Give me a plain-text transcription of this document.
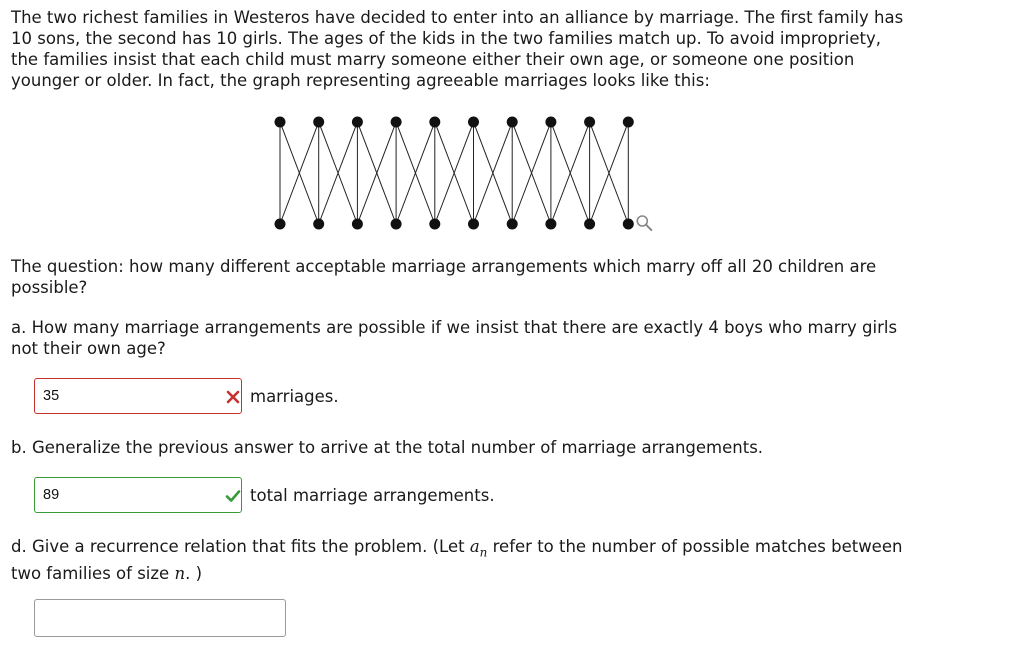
The two richest families in Westeros have decided to enter into an alliance by marriage. The first family has 10 sons, the second has 10 girls. The ages of the kids in the two families match up. To avoid impropriety, the families insist that each child must marry someone either their own age, or someone one position younger or older. In fact, the graph representing agreeable marriages looks like this:

The question: how many different acceptable marriage arrangements which marry off all 20 children are possible?

a. How many marriage arrangements are possible if we insist that there are exactly 4 boys who marry girls not their own age?

35
marriages.

b. Generalize the previous answer to arrive at the total number of marriage arrangements.

89
total marriage arrangements.

d. Give a recurrence relation that fits the problem. (Let $a_n$ refer to the number of possible matches between two families of size n. )
